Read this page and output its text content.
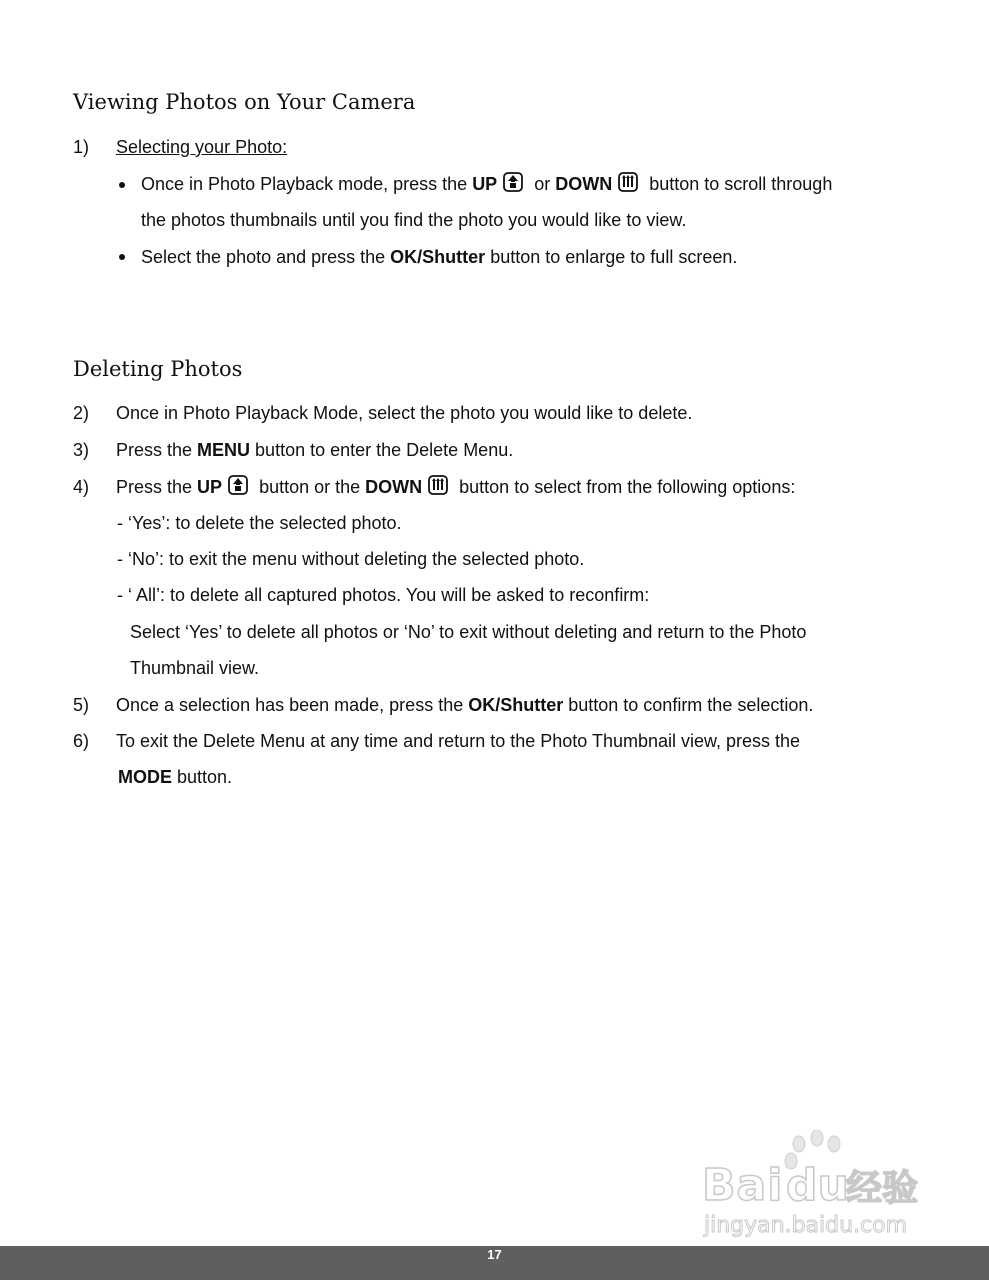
Viewing Photos on Your Camera
1) Selecting your Photo:
Once in Photo Playback mode, press the UP or DOWN button to scroll through
the photos thumbnails until you find the photo you would like to view.
Select the photo and press the OK/Shutter button to enlarge to full screen.
Deleting Photos
2) Once in Photo Playback Mode, select the photo you would like to delete.
3) Press the MENU button to enter the Delete Menu.
4) Press the UP button or the DOWN button to select from the following options:
- ‘Yes’: to delete the selected photo.
- ‘No’: to exit the menu without deleting the selected photo.
- ‘ All’: to delete all captured photos. You will be asked to reconfirm:
Select ‘Yes’ to delete all photos or ‘No’ to exit without deleting and return to the Photo
Thumbnail view.
5) Once a selection has been made, press the OK/Shutter button to confirm the selection.
6) To exit the Delete Menu at any time and return to the Photo Thumbnail view, press the
MODE button.
Bai du
经验
jingyan.baidu.com
17
